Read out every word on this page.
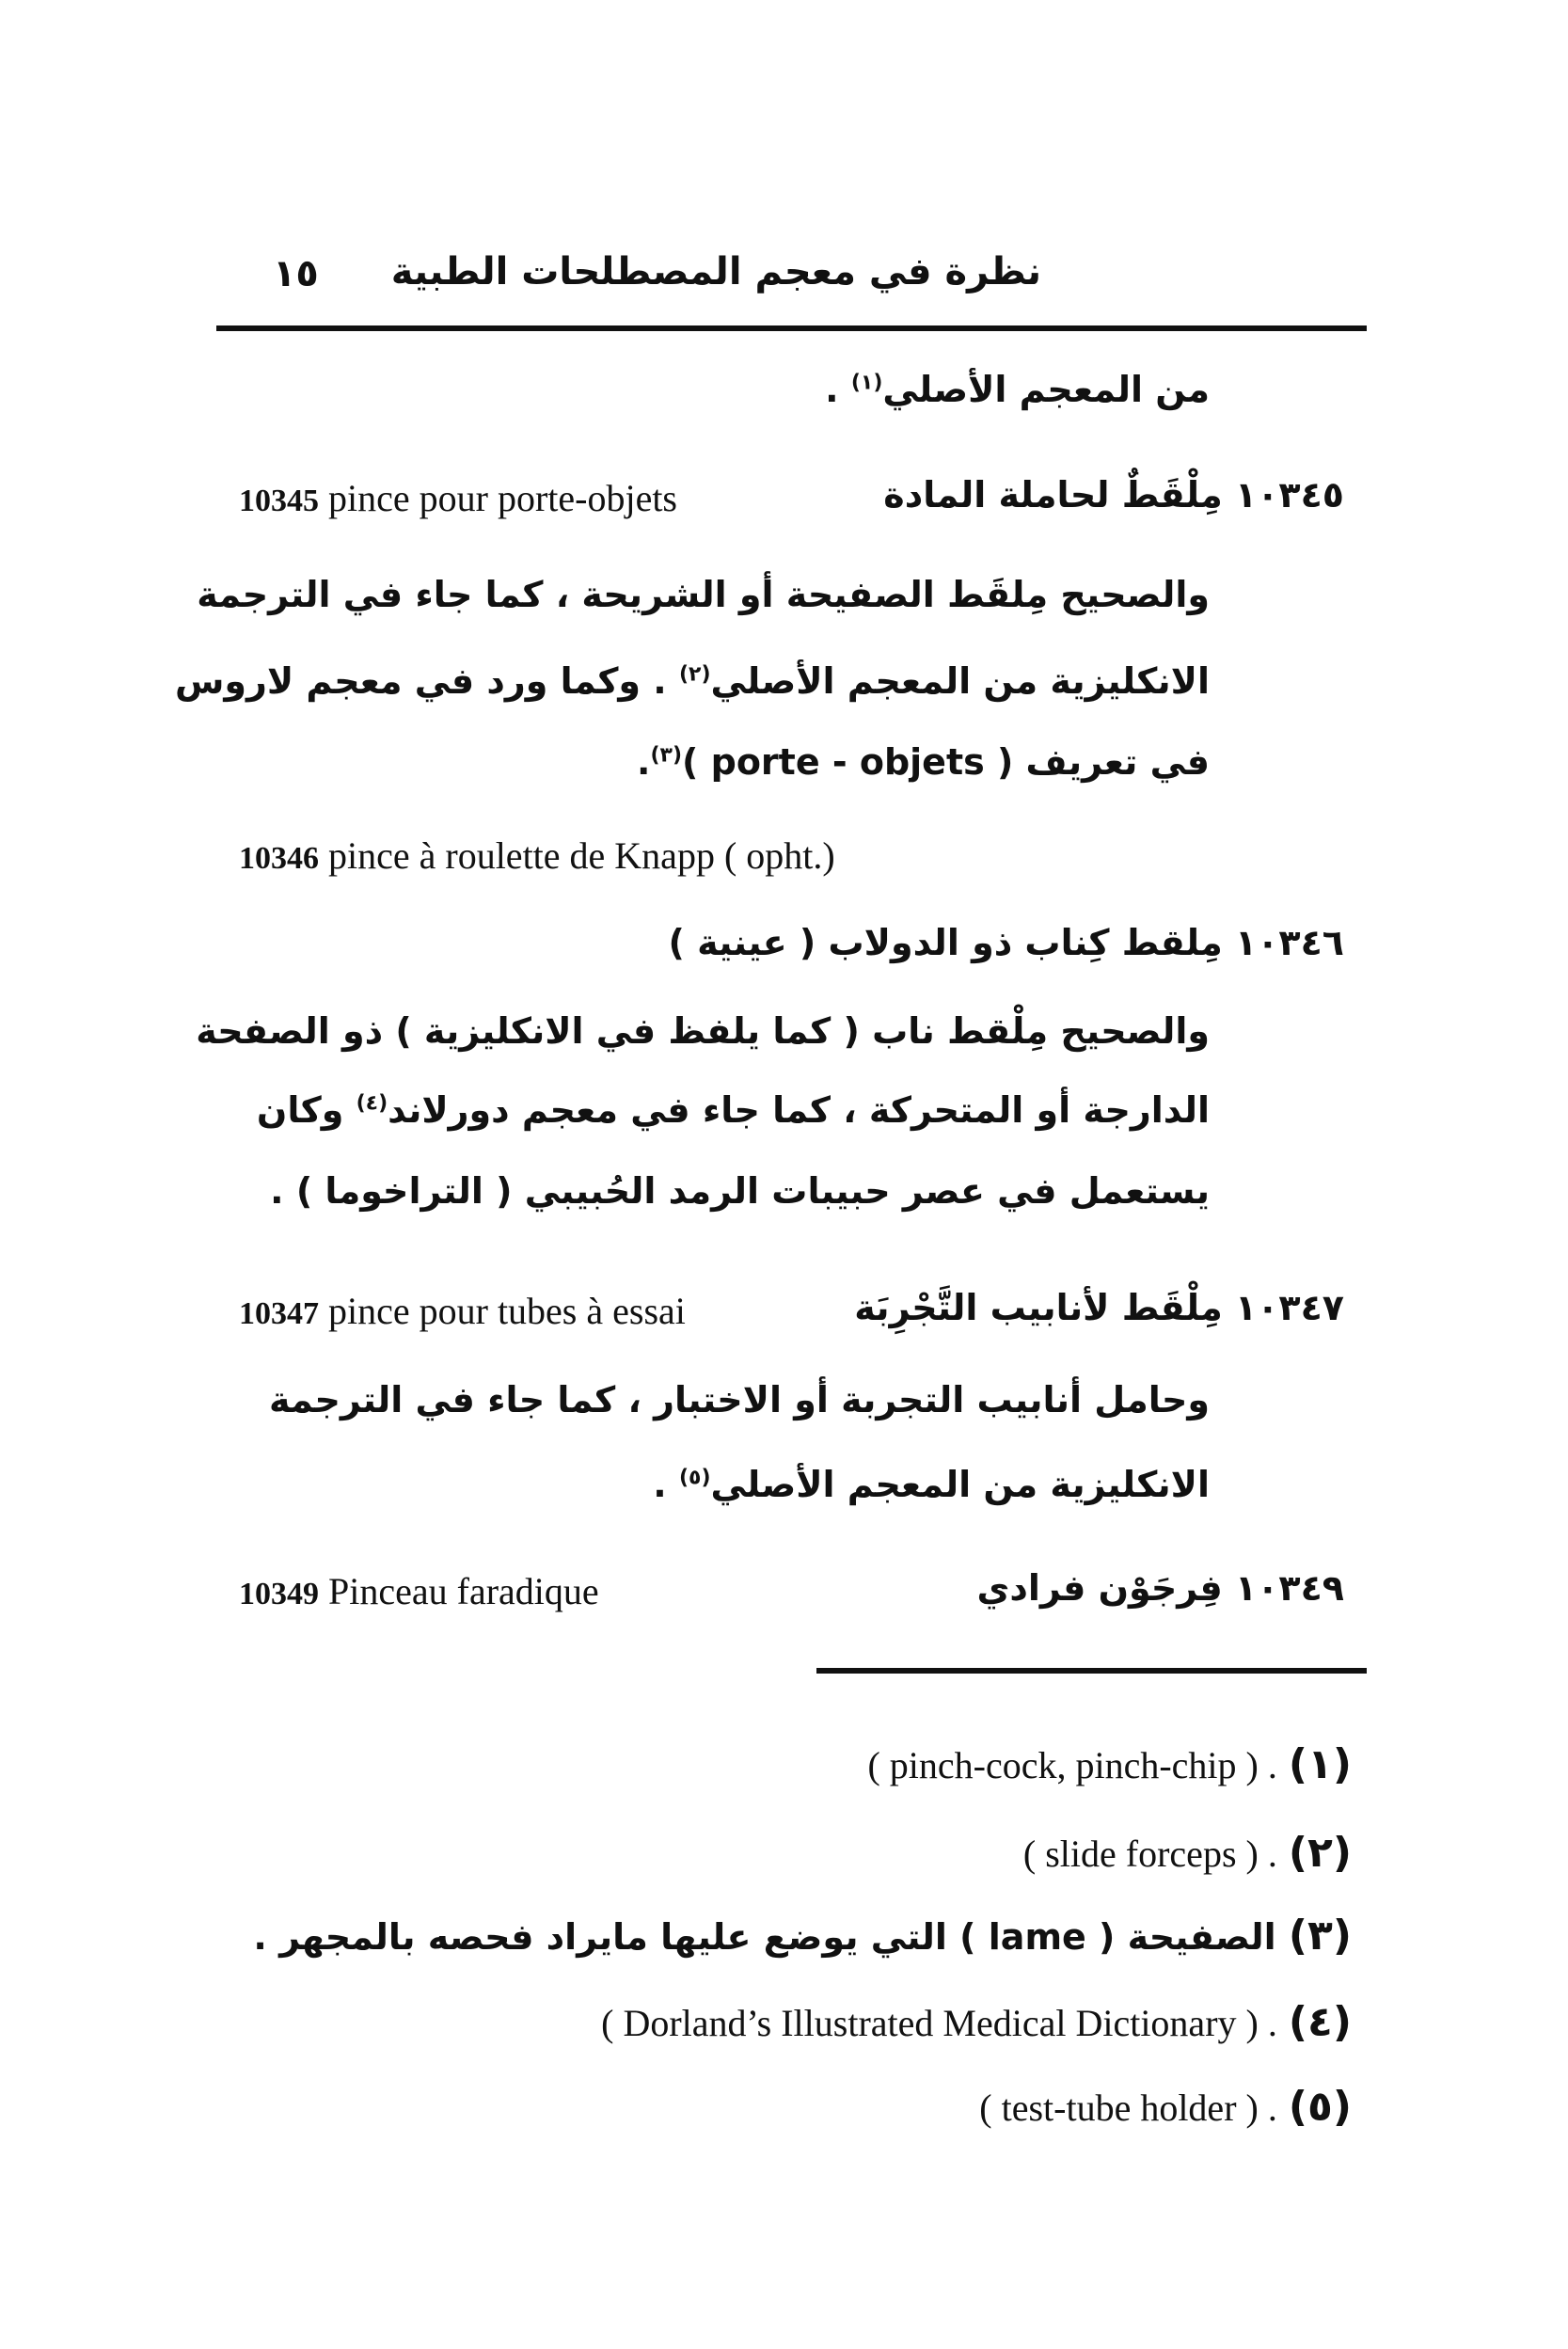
١٥ نظرة في معجم المصطلحات الطبية
من المعجم الأصلي$^{(١)}$ .
10345 pince pour porte-objets	١٠٣٤٥ مِلْقَطٌ لحاملة المادة
والصحيح مِلقَط الصفيحة أو الشريحة ، كما جاء في الترجمة
الانكليزية من المعجم الأصلي$^{(٢)}$ . وكما ورد في معجم لاروس
في تعريف ( porte - objets )$^{(٣)}$.
10346 pince à roulette de Knapp ( opht.)
١٠٣٤٦ مِلقط كِناب ذو الدولاب ( عينية )
والصحيح مِلْقط ناب ( كما يلفظ في الانكليزية ) ذو الصفحة
الدارجة أو المتحركة ، كما جاء في معجم دورلاند$^{(٤)}$ وكان
يستعمل في عصر حبيبات الرمد الحُبيبي ( التراخوما ) .
10347 pince pour tubes à essai	١٠٣٤٧ مِلْقَط لأنابيب التَّجْرِبَة
وحامل أنابيب التجربة أو الاختبار ، كما جاء في الترجمة
الانكليزية من المعجم الأصلي$^{(٥)}$ .
10349 Pinceau faradique	١٠٣٤٩ فِرجَوْن فرادي
(١) ( pinch-cock, pinch-chip ) .
(٢) ( slide forceps ) .
(٣) الصفيحة ( lame ) التي يوضع عليها مايراد فحصه بالمجهر .
(٤) ( Dorland’s Illustrated Medical Dictionary ) .
(٥) ( test-tube holder ) .
